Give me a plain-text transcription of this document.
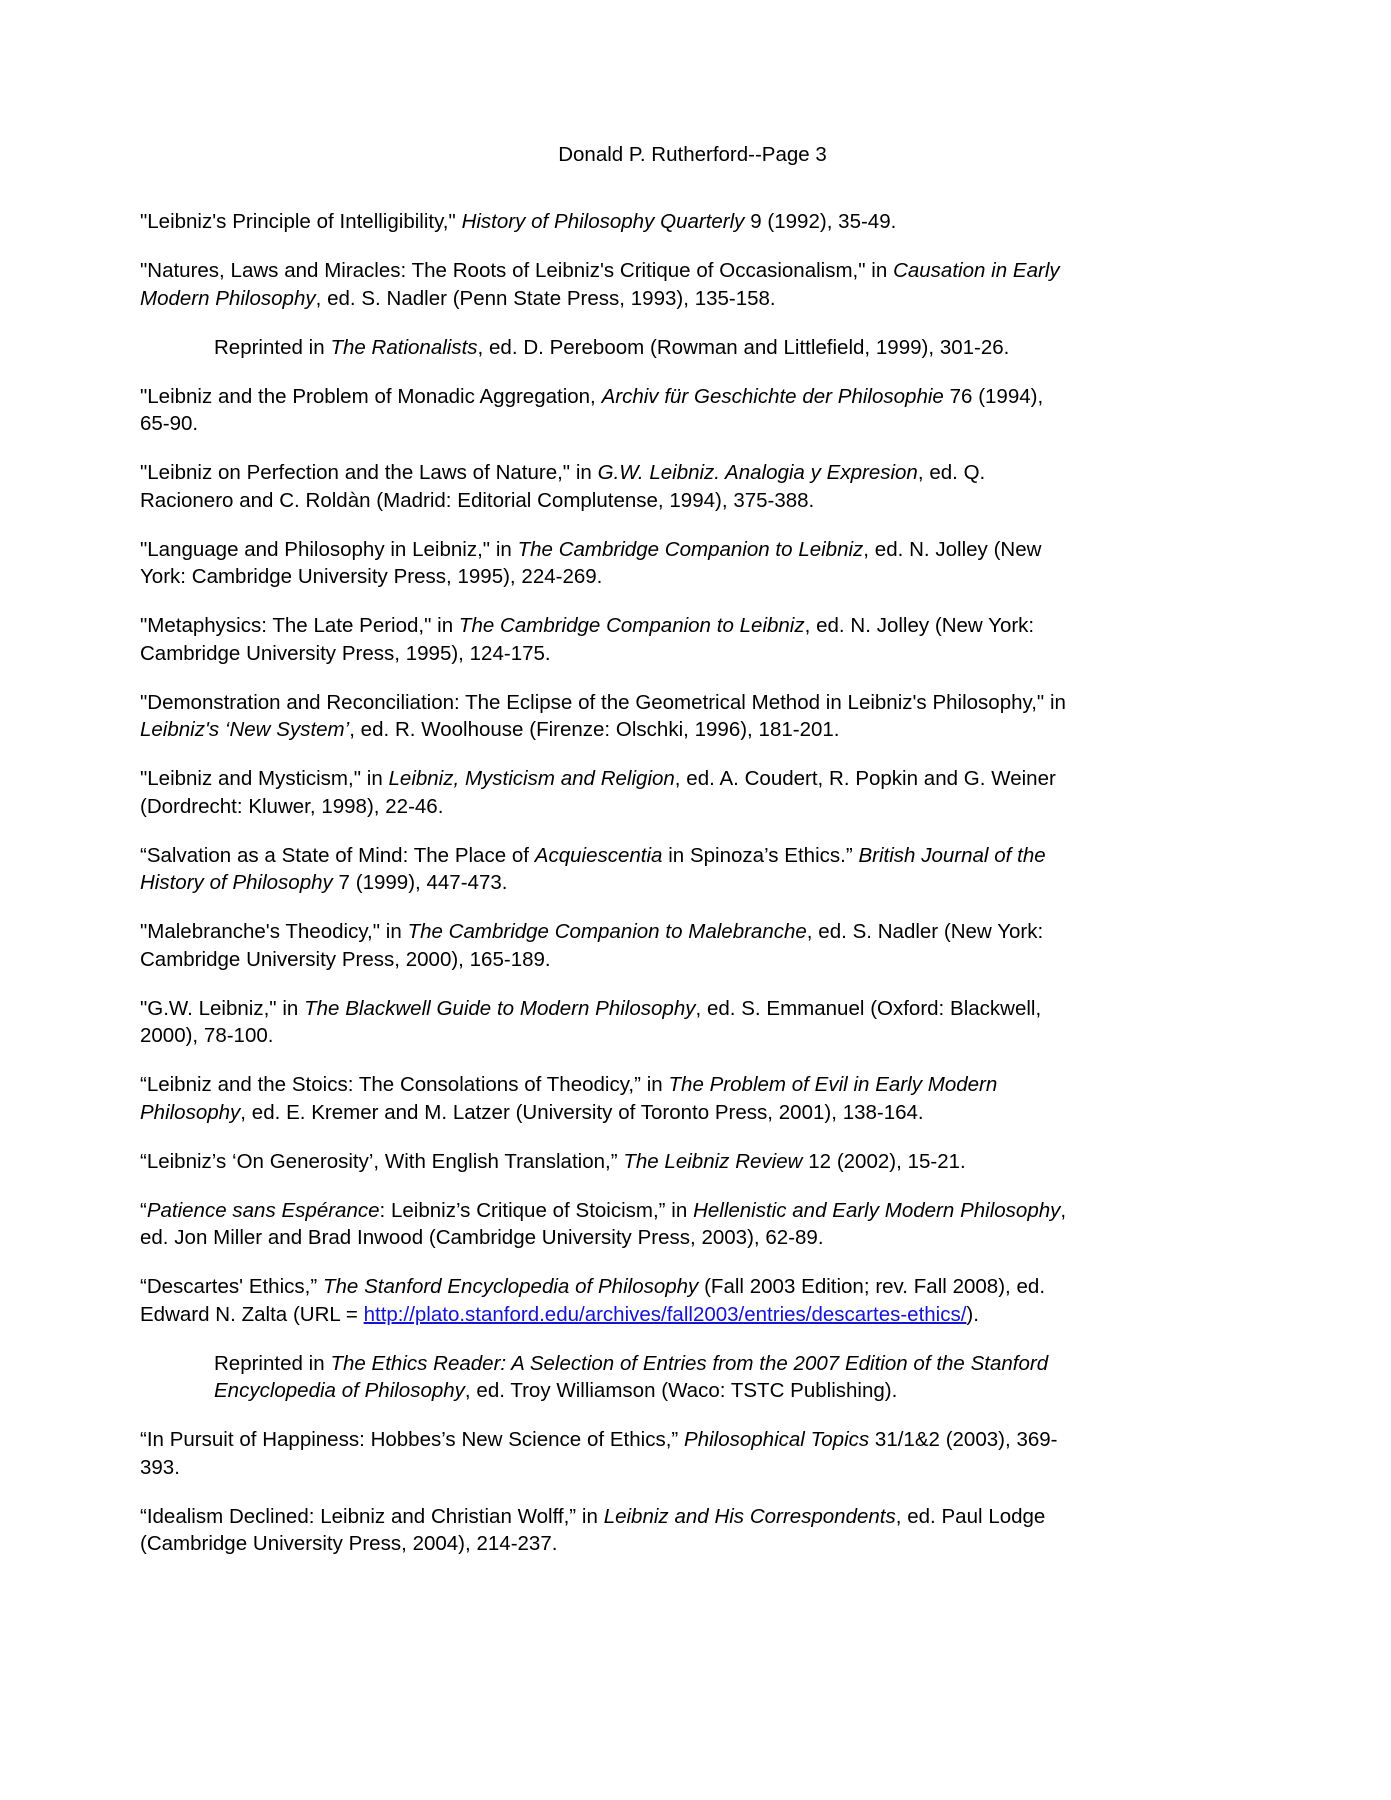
Donald P. Rutherford--Page 3

"Leibniz's Principle of Intelligibility," History of Philosophy Quarterly 9 (1992), 35-49.

"Natures, Laws and Miracles: The Roots of Leibniz's Critique of Occasionalism," in Causation in Early Modern Philosophy, ed. S. Nadler (Penn State Press, 1993), 135-158.

Reprinted in The Rationalists, ed. D. Pereboom (Rowman and Littlefield, 1999), 301-26.

"Leibniz and the Problem of Monadic Aggregation, Archiv für Geschichte der Philosophie 76 (1994), 65-90.

"Leibniz on Perfection and the Laws of Nature," in G.W. Leibniz. Analogia y Expresion, ed. Q. Racionero and C. Roldàn (Madrid: Editorial Complutense, 1994), 375-388.

"Language and Philosophy in Leibniz," in The Cambridge Companion to Leibniz, ed. N. Jolley (New York: Cambridge University Press, 1995), 224-269.

"Metaphysics: The Late Period," in The Cambridge Companion to Leibniz, ed. N. Jolley (New York: Cambridge University Press, 1995), 124-175.

"Demonstration and Reconciliation: The Eclipse of the Geometrical Method in Leibniz's Philosophy," in Leibniz's ‘New System’, ed. R. Woolhouse (Firenze: Olschki, 1996), 181-201.

"Leibniz and Mysticism," in Leibniz, Mysticism and Religion, ed. A. Coudert, R. Popkin and G. Weiner (Dordrecht: Kluwer, 1998), 22-46.

“Salvation as a State of Mind: The Place of Acquiescentia in Spinoza’s Ethics.” British Journal of the History of Philosophy 7 (1999), 447-473.

"Malebranche's Theodicy," in The Cambridge Companion to Malebranche, ed. S. Nadler (New York: Cambridge University Press, 2000), 165-189.

"G.W. Leibniz," in The Blackwell Guide to Modern Philosophy, ed. S. Emmanuel (Oxford: Blackwell, 2000), 78-100.

“Leibniz and the Stoics: The Consolations of Theodicy,” in The Problem of Evil in Early Modern Philosophy, ed. E. Kremer and M. Latzer (University of Toronto Press, 2001), 138-164.

“Leibniz’s ‘On Generosity’, With English Translation,” The Leibniz Review 12 (2002), 15-21.

“Patience sans Espérance: Leibniz’s Critique of Stoicism,” in Hellenistic and Early Modern Philosophy, ed. Jon Miller and Brad Inwood (Cambridge University Press, 2003), 62-89.

“Descartes' Ethics,” The Stanford Encyclopedia of Philosophy (Fall 2003 Edition; rev. Fall 2008), ed. Edward N. Zalta (URL = http://plato.stanford.edu/archives/fall2003/entries/descartes-ethics/).

Reprinted in The Ethics Reader: A Selection of Entries from the 2007 Edition of the Stanford Encyclopedia of Philosophy, ed. Troy Williamson (Waco: TSTC Publishing).

“In Pursuit of Happiness: Hobbes’s New Science of Ethics,” Philosophical Topics 31/1&2 (2003), 369-393.

“Idealism Declined: Leibniz and Christian Wolff,” in Leibniz and His Correspondents, ed. Paul Lodge (Cambridge University Press, 2004), 214-237.
